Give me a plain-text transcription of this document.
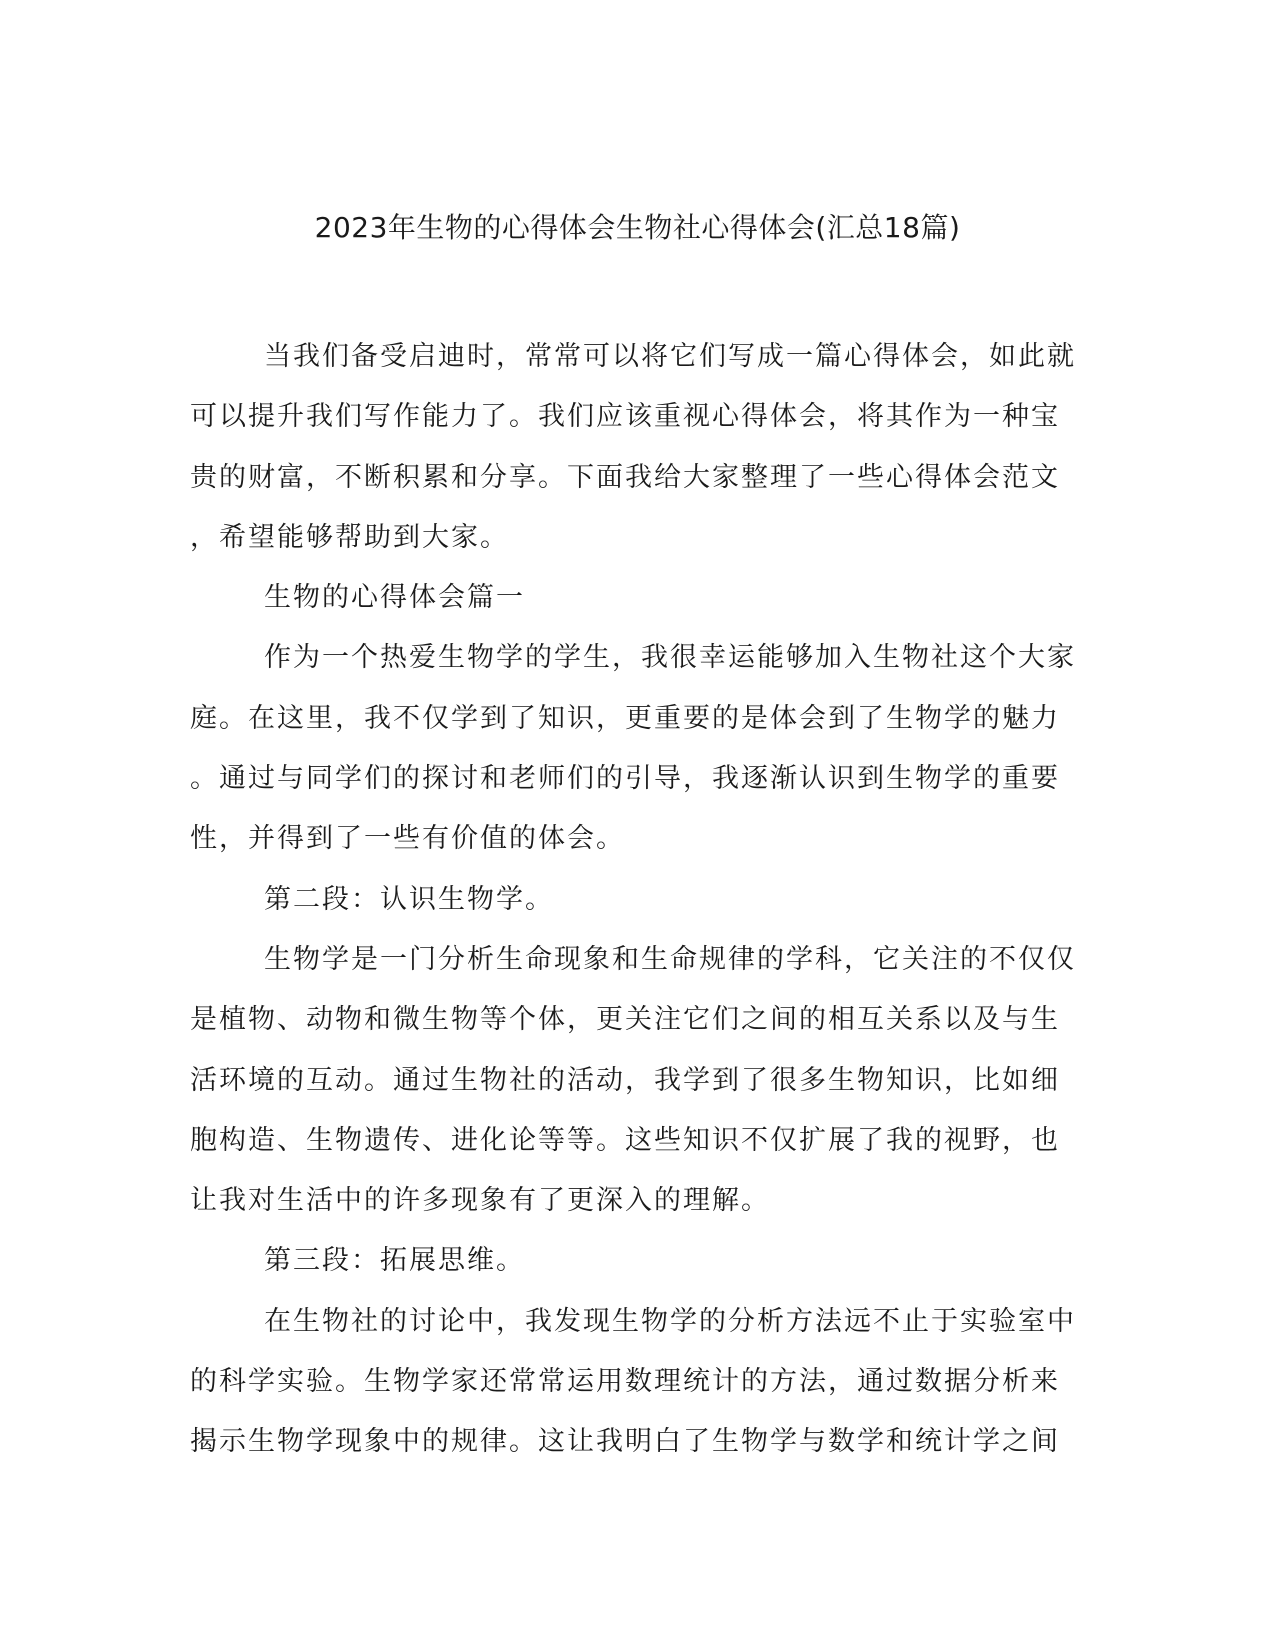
2023年生物的心得体会生物社心得体会(汇总18篇)
当我们备受启迪时，常常可以将它们写成一篇心得体会，如此就
可以提升我们写作能力了。我们应该重视心得体会，将其作为一种宝
贵的财富，不断积累和分享。下面我给大家整理了一些心得体会范文
，希望能够帮助到大家。
生物的心得体会篇一
作为一个热爱生物学的学生，我很幸运能够加入生物社这个大家
庭。在这里，我不仅学到了知识，更重要的是体会到了生物学的魅力
。通过与同学们的探讨和老师们的引导，我逐渐认识到生物学的重要
性，并得到了一些有价值的体会。
第二段：认识生物学。
生物学是一门分析生命现象和生命规律的学科，它关注的不仅仅
是植物、动物和微生物等个体，更关注它们之间的相互关系以及与生
活环境的互动。通过生物社的活动，我学到了很多生物知识，比如细
胞构造、生物遗传、进化论等等。这些知识不仅扩展了我的视野，也
让我对生活中的许多现象有了更深入的理解。
第三段：拓展思维。
在生物社的讨论中，我发现生物学的分析方法远不止于实验室中
的科学实验。生物学家还常常运用数理统计的方法，通过数据分析来
揭示生物学现象中的规律。这让我明白了生物学与数学和统计学之间
